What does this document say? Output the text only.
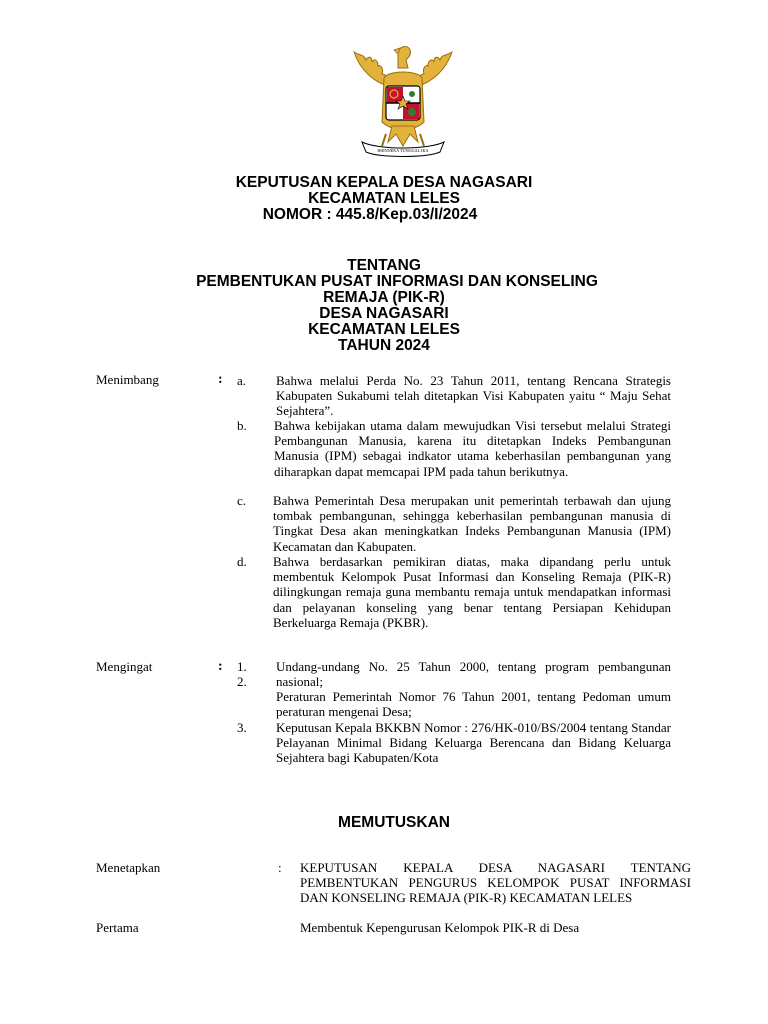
BHINNEKA TUNGGAL IKA
KEPUTUSAN KEPALA DESA NAGASARI
KECAMATAN LELES
NOMOR : 445.8/Kep.03/I/2024
TENTANG
PEMBENTUKAN PUSAT INFORMASI DAN KONSELING
REMAJA (PIK-R)
DESA NAGASARI
KECAMATAN LELES
TAHUN 2024
Menimbang	: a. Bahwa melalui Perda No. 23 Tahun 2011, tentang Rencana Strategis Kabupaten Sukabumi telah ditetapkan Visi Kabupaten yaitu “ Maju Sehat Sejahtera”.
b. Bahwa kebijakan utama dalam mewujudkan Visi tersebut melalui Strategi Pembangunan Manusia, karena itu ditetapkan Indeks Pembangunan Manusia (IPM) sebagai indkator utama keberhasilan pembangunan yang diharapkan dapat memcapai IPM pada tahun berikutnya.
c. Bahwa Pemerintah Desa merupakan unit pemerintah terbawah dan ujung tombak pembangunan, sehingga keberhasilan pembangunan manusia di Tingkat Desa akan meningkatkan Indeks Pembangunan Manusia (IPM) Kecamatan dan Kabupaten.
d. Bahwa berdasarkan pemikiran diatas, maka dipandang perlu untuk membentuk Kelompok Pusat Informasi dan Konseling Remaja (PIK-R) dilingkungan remaja guna membantu remaja untuk mendapatkan informasi dan pelayanan konseling yang benar tentang Persiapan Kehidupan Berkeluarga Remaja (PKBR).
Mengingat	: 1. Undang-undang No. 25 Tahun 2000, tentang program pembangunan nasional;
2.
Peraturan Pemerintah Nomor 76 Tahun 2001, tentang Pedoman umum peraturan mengenai Desa;
3. Keputusan Kepala BKKBN Nomor : 276/HK-010/BS/2004 tentang Standar Pelayanan Minimal Bidang Keluarga Berencana dan Bidang Keluarga Sejahtera bagi Kabupaten/Kota
MEMUTUSKAN
Menetapkan	: KEPUTUSAN KEPALA DESA NAGASARI TENTANG PEMBENTUKAN PENGURUS KELOMPOK PUSAT INFORMASI DAN KONSELING REMAJA (PIK-R) KECAMATAN LELES
Pertama	Membentuk Kepengurusan Kelompok PIK-R di Desa
